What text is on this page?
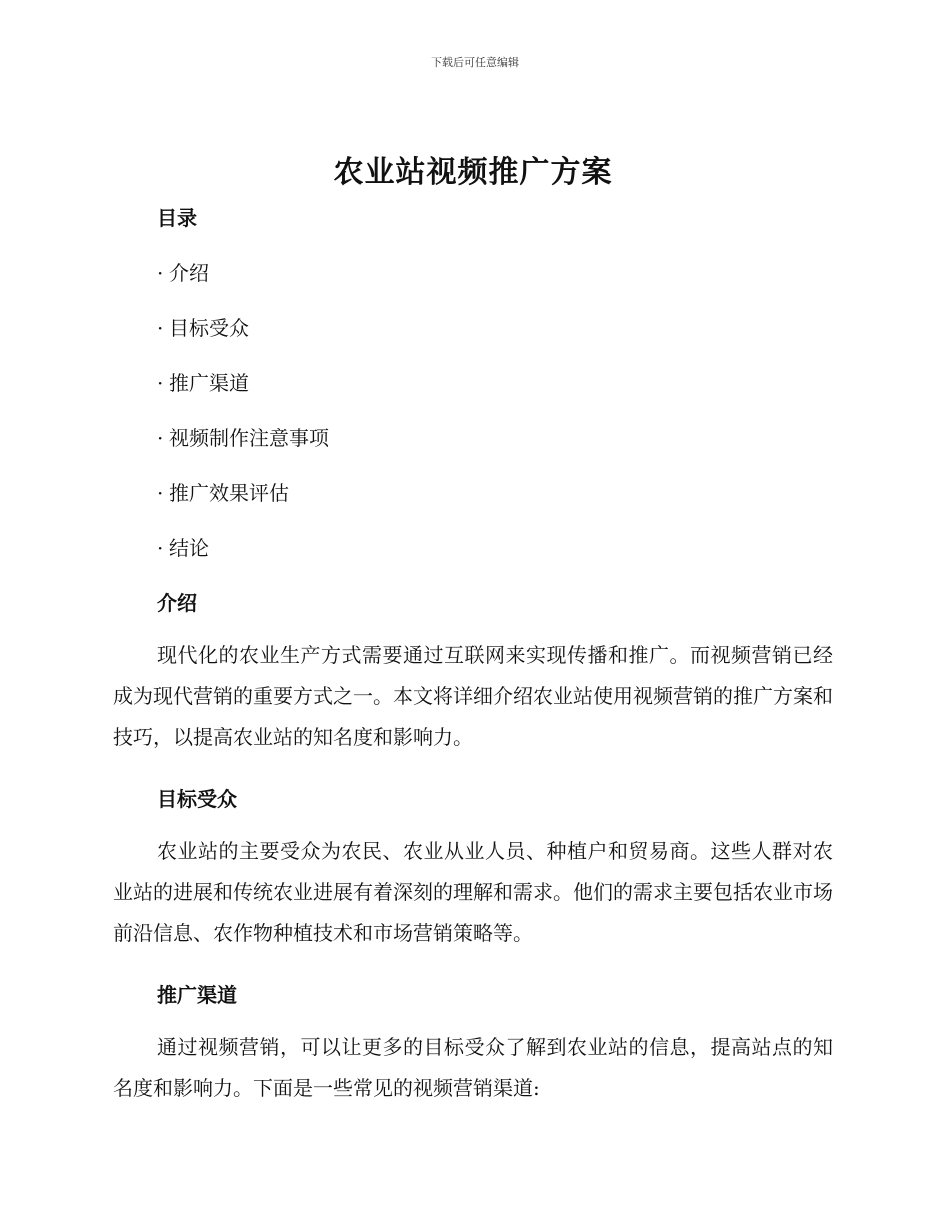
下载后可任意编辑
农业站视频推广方案
目录
· 介绍
· 目标受众
· 推广渠道
· 视频制作注意事项
· 推广效果评估
· 结论
介绍

现代化的农业生产方式需要通过互联网来实现传播和推广。而视频营销已经成为现代营销的重要方式之一。本文将详细介绍农业站使用视频营销的推广方案和技巧，以提高农业站的知名度和影响力。

目标受众

农业站的主要受众为农民、农业从业人员、种植户和贸易商。这些人群对农业站的进展和传统农业进展有着深刻的理解和需求。他们的需求主要包括农业市场前沿信息、农作物种植技术和市场营销策略等。

推广渠道

通过视频营销，可以让更多的目标受众了解到农业站的信息，提高站点的知名度和影响力。下面是一些常见的视频营销渠道:
